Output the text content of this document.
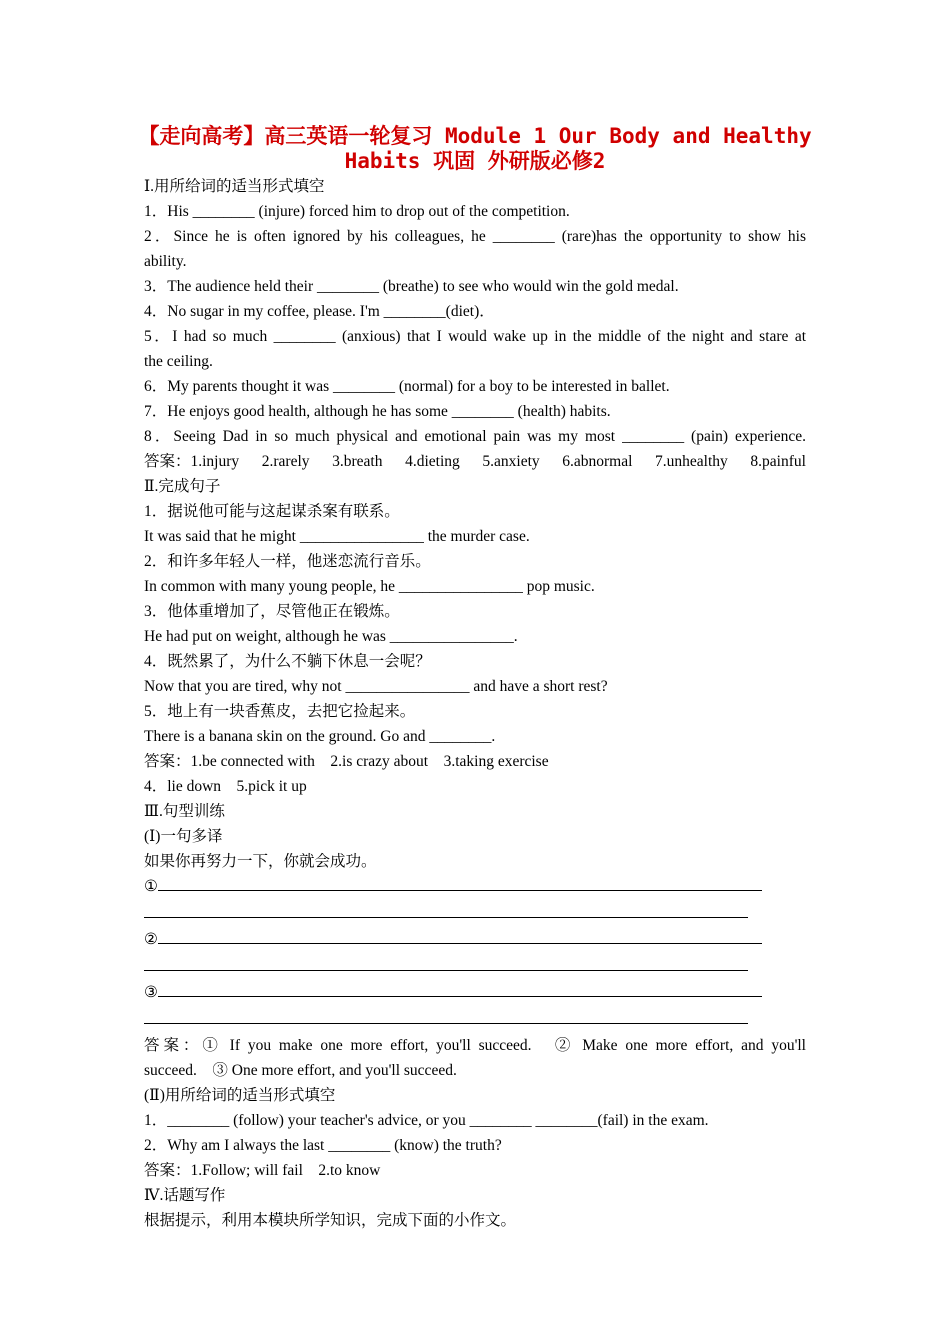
【走向高考】高三英语一轮复习 Module 1 Our Body and Healthy
Habits 巩固 外研版必修2
Ⅰ.用所给词的适当形式填空
1．His ________ (injure) forced him to drop out of the competition.
2．Since he is often ignored by his colleagues, he ________ (rare)has the opportunity to show his
ability.
3．The audience held their ________ (breathe) to see who would win the gold medal.
4．No sugar in my coffee, please. I'm ________(diet)．
5．I had so much ________ (anxious) that I would wake up in the middle of the night and stare at
the ceiling.
6．My parents thought it was ________ (normal) for a boy to be interested in ballet.
7．He enjoys good health, although he has some ________ (health) habits.
8．Seeing Dad in so much physical and emotional pain was my most ________ (pain) experience.
答案：1.injury 2.rarely 3.breath 4.dieting 5.anxiety 6.abnormal 7.unhealthy 8.painful
Ⅱ.完成句子
1．据说他可能与这起谋杀案有联系。
It was said that he might ________________ the murder case.
2．和许多年轻人一样，他迷恋流行音乐。
In common with many young people, he ________________ pop music.
3．他体重增加了，尽管他正在锻炼。
He had put on weight, although he was ________________.
4．既然累了，为什么不躺下休息一会呢？
Now that you are tired, why not ________________ and have a short rest?
5．地上有一块香蕉皮，去把它捡起来。
There is a banana skin on the ground. Go and ________.
答案：1.be connected with　2.is crazy about　3.taking exercise
4．lie down　5.pick it up
Ⅲ.句型训练
(Ⅰ)一句多译
如果你再努力一下，你就会成功。
①
②
③
答案：① If you make one more effort, you'll succeed.　② Make one more effort, and you'll
succeed.　③ One more effort, and you'll succeed.
(Ⅱ)用所给词的适当形式填空
1．________ (follow) your teacher's advice, or you ________ ________(fail) in the exam.
2．Why am I always the last ________ (know) the truth?
答案：1.Follow; will fail　2.to know
Ⅳ.话题写作
根据提示，利用本模块所学知识，完成下面的小作文。
